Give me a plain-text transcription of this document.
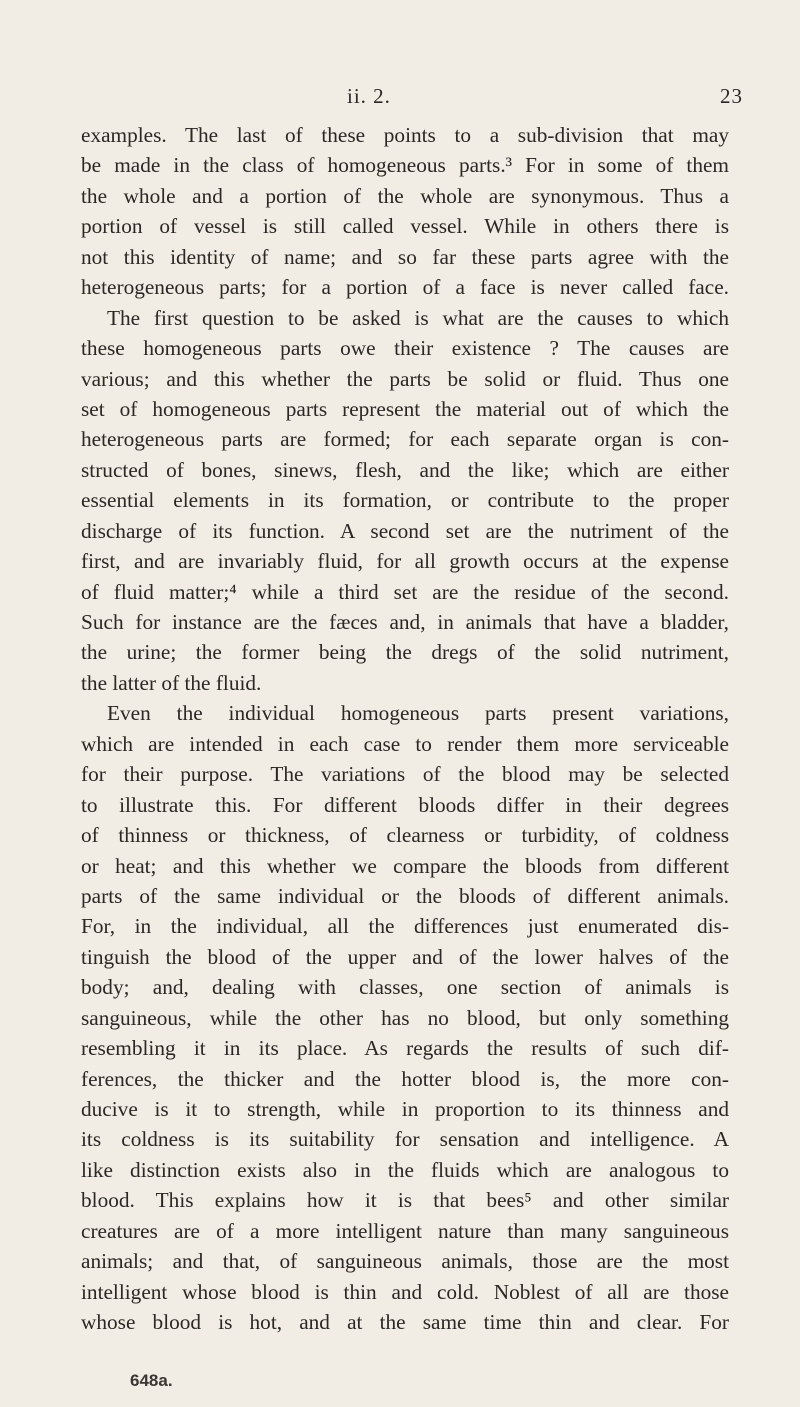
ii. 2.	23
examples. The last of these points to a sub-division that may
be made in the class of homogeneous parts.³ For in some of them
the whole and a portion of the whole are synonymous. Thus a
portion of vessel is still called vessel. While in others there is
not this identity of name; and so far these parts agree with the
heterogeneous parts; for a portion of a face is never called face.
The first question to be asked is what are the causes to which
these homogeneous parts owe their existence ? The causes are
various; and this whether the parts be solid or fluid. Thus one
set of homogeneous parts represent the material out of which the
heterogeneous parts are formed; for each separate organ is con-
structed of bones, sinews, flesh, and the like; which are either
essential elements in its formation, or contribute to the proper
discharge of its function. A second set are the nutriment of the
first, and are invariably fluid, for all growth occurs at the expense
of fluid matter;⁴ while a third set are the residue of the second.
Such for instance are the fæces and, in animals that have a bladder,
the urine; the former being the dregs of the solid nutriment,
the latter of the fluid.
Even the individual homogeneous parts present variations,
which are intended in each case to render them more serviceable
for their purpose. The variations of the blood may be selected
to illustrate this. For different bloods differ in their degrees
of thinness or thickness, of clearness or turbidity, of coldness
or heat; and this whether we compare the bloods from different
parts of the same individual or the bloods of different animals.
For, in the individual, all the differences just enumerated dis-
tinguish the blood of the upper and of the lower halves of the
body; and, dealing with classes, one section of animals is
sanguineous, while the other has no blood, but only something
resembling it in its place. As regards the results of such dif-
ferences, the thicker and the hotter blood is, the more con-
ducive is it to strength, while in proportion to its thinness and
its coldness is its suitability for sensation and intelligence. A
like distinction exists also in the fluids which are analogous to
blood. This explains how it is that bees⁵ and other similar
creatures are of a more intelligent nature than many sanguineous
animals; and that, of sanguineous animals, those are the most
intelligent whose blood is thin and cold. Noblest of all are those
whose blood is hot, and at the same time thin and clear. For
648a.
